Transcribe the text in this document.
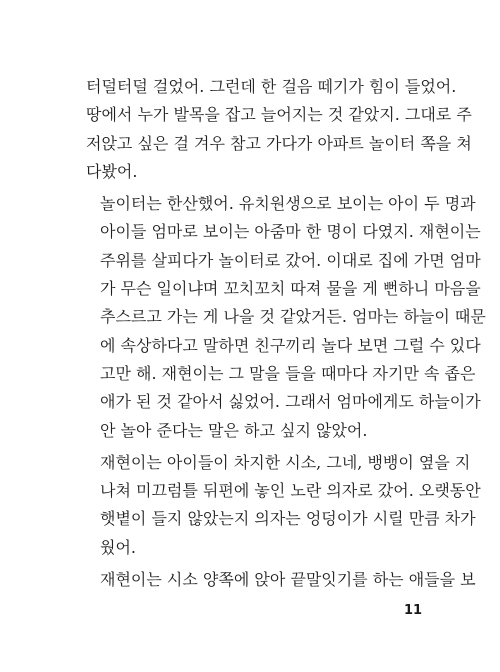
터덜터덜 걸었어. 그런데 한 걸음 떼기가 힘이 들었어.
땅에서 누가 발목을 잡고 늘어지는 것 같았지. 그대로 주
저앉고 싶은 걸 겨우 참고 가다가 아파트 놀이터 쪽을 쳐
다봤어.

놀이터는 한산했어. 유치원생으로 보이는 아이 두 명과
아이들 엄마로 보이는 아줌마 한 명이 다였지. 재현이는
주위를 살피다가 놀이터로 갔어. 이대로 집에 가면 엄마
가 무슨 일이냐며 꼬치꼬치 따져 물을 게 뻔하니 마음을
추스르고 가는 게 나을 것 같았거든. 엄마는 하늘이 때문
에 속상하다고 말하면 친구끼리 놀다 보면 그럴 수 있다
고만 해. 재현이는 그 말을 들을 때마다 자기만 속 좁은
애가 된 것 같아서 싫었어. 그래서 엄마에게도 하늘이가
안 놀아 준다는 말은 하고 싶지 않았어.

재현이는 아이들이 차지한 시소, 그네, 뱅뱅이 옆을 지
나쳐 미끄럼틀 뒤편에 놓인 노란 의자로 갔어. 오랫동안
햇볕이 들지 않았는지 의자는 엉덩이가 시릴 만큼 차가
웠어.

재현이는 시소 양쪽에 앉아 끝말잇기를 하는 애들을 보

11
